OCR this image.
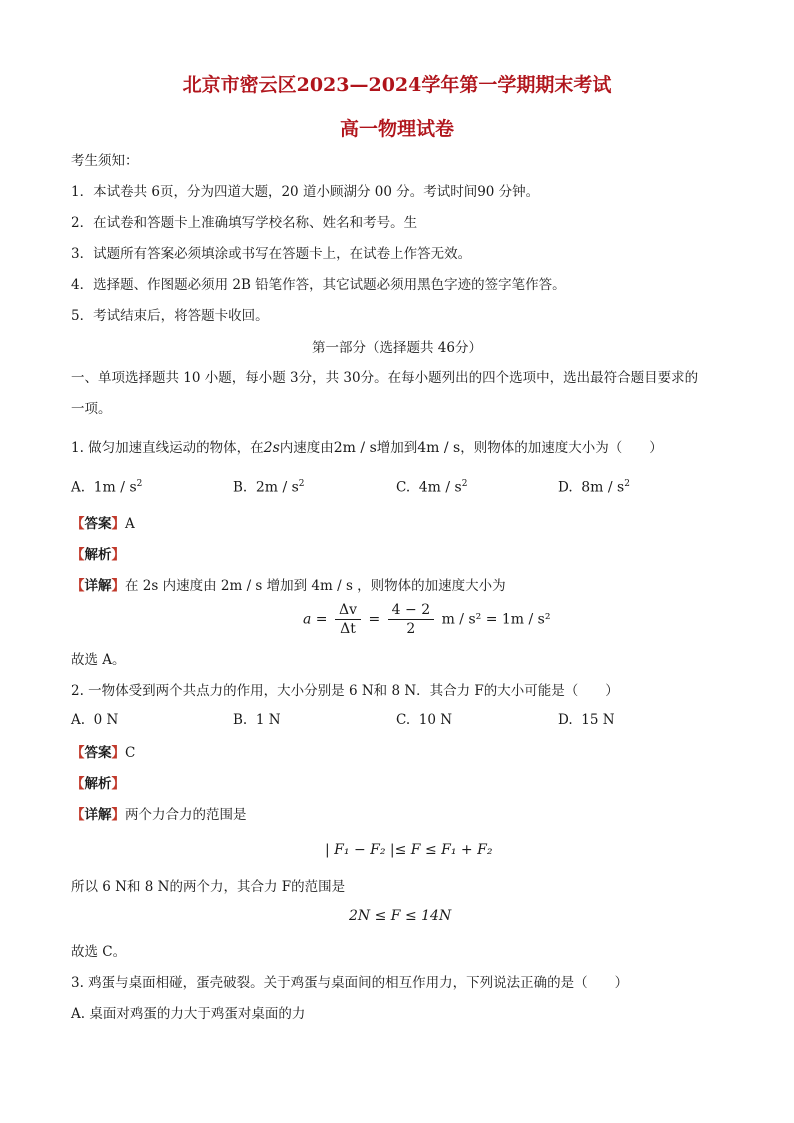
北京市密云区2023—2024学年第一学期期末考试
高一物理试卷
考生须知：
1．本试卷共 6页，分为四道大题，20 道小顾湖分 00 分。考试时间90 分钟。
2．在试卷和答题卡上准确填写学校名称、姓名和考号。生
3．试题所有答案必须填涂或书写在答题卡上，在试卷上作答无效。
4．选择题、作图题必须用 2B 铅笔作答，其它试题必须用黑色字迹的签字笔作答。
5．考试结束后，将答题卡收回。
第一部分（选择题共 46分）
一、单项选择题共 10 小题，每小题 3分，共 30分。在每小题列出的四个选项中，选出最符合题目要求的
一项。
1. 做匀加速直线运动的物体，在2s内速度由2m / s增加到4m / s，则物体的加速度大小为（　　）
A. $1m / s^2$	B. $2m / s^2$	C. $4m / s^2$	D. $8m / s^2$
【答案】A
【解析】
【详解】在 2s 内速度由 2m / s 增加到 4m / s ，则物体的加速度大小为
$a = \frac{\Delta v}{\Delta t} = \frac{4 - 2}{2}$ m / s² = 1m / s²
故选 A。
2. 一物体受到两个共点力的作用，大小分别是 6 N和 8 N．其合力 F的大小可能是（　　）
A. 0 N	B. 1 N	C. 10 N	D. 15 N
【答案】C
【解析】
【详解】两个力合力的范围是
| F₁ − F₂ |≤ F ≤ F₁ + F₂
所以 6 N和 8 N的两个力，其合力 F的范围是
2N ≤ F ≤ 14N
故选 C。
3. 鸡蛋与桌面相碰，蛋壳破裂。关于鸡蛋与桌面间的相互作用力，下列说法正确的是（　　）
A. 桌面对鸡蛋的力大于鸡蛋对桌面的力
